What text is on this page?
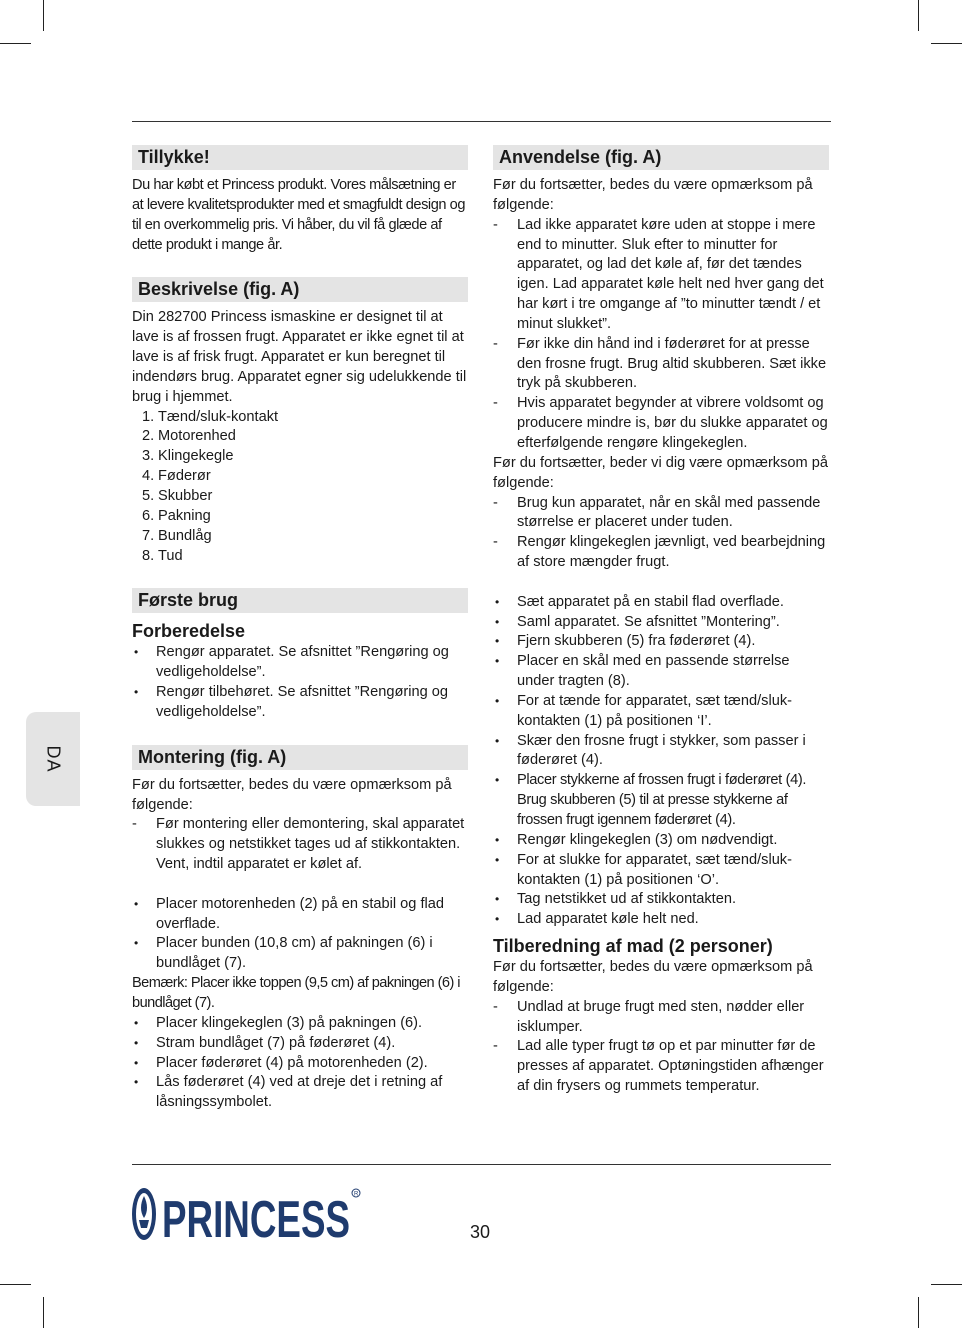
DA
Tillykke!

Du har købt et Princess produkt. Vores målsætning er at levere kvalitetsprodukter med et smagfuldt design og til en overkommelig pris. Vi håber, du vil få glæde af dette produkt i mange år.

Beskrivelse (fig. A)

Din 282700 Princess ismaskine er designet til at lave is af frossen frugt. Apparatet er ikke egnet til at lave is af frisk frugt. Apparatet er kun beregnet til indendørs brug. Apparatet egner sig udelukkende til brug i hjemmet.

1. Tænd/sluk-kontakt
2. Motorenhed
3. Klingekegle
4. Føderør
5. Skubber
6. Pakning
7. Bundlåg
8. Tud
Første brug
Forberedelse
• Rengør apparatet. Se afsnittet ”Rengøring og vedligeholdelse”.
• Rengør tilbehøret. Se afsnittet ”Rengøring og vedligeholdelse”.
Montering (fig. A)

Før du fortsætter, bedes du være opmærksom på følgende:

- Før montering eller demontering, skal apparatet slukkes og netstikket tages ud af stikkontakten. Vent, indtil apparatet er kølet af.
• Placer motorenheden (2) på en stabil og flad overflade.
• Placer bunden (10,8 cm) af pakningen (6) i bundlåget (7).

Bemærk: Placer ikke toppen (9,5 cm) af pakningen (6) i bundlåget (7).

• Placer klingekeglen (3) på pakningen (6).
• Stram bundlåget (7) på føderøret (4).
• Placer føderøret (4) på motorenheden (2).
• Lås føderøret (4) ved at dreje det i retning af låsningssymbolet.
Anvendelse (fig. A)

Før du fortsætter, bedes du være opmærksom på følgende:

- Lad ikke apparatet køre uden at stoppe i mere end to minutter. Sluk efter to minutter for apparatet, og lad det køle af, før det tændes igen. Lad apparatet køle helt ned hver gang det har kørt i tre omgange af ”to minutter tændt / et minut slukket”.
- Før ikke din hånd ind i føderøret for at presse den frosne frugt. Brug altid skubberen. Sæt ikke tryk på skubberen.
- Hvis apparatet begynder at vibrere voldsomt og producere mindre is, bør du slukke apparatet og efterfølgende rengøre klingekeglen.

Før du fortsætter, beder vi dig være opmærksom på følgende:

- Brug kun apparatet, når en skål med passende størrelse er placeret under tuden.
- Rengør klingekeglen jævnligt, ved bearbejdning af store mængder frugt.
• Sæt apparatet på en stabil flad overflade.
• Saml apparatet. Se afsnittet ”Montering”.
• Fjern skubberen (5) fra føderøret (4).
• Placer en skål med en passende størrelse under tragten (8).
• For at tænde for apparatet, sæt tænd/sluk-kontakten (1) på positionen ‘I’.
• Skær den frosne frugt i stykker, som passer i føderøret (4).
• Placer stykkerne af frossen frugt i føderøret (4). Brug skubberen (5) til at presse stykkerne af frossen frugt igennem føderøret (4).
• Rengør klingekeglen (3) om nødvendigt.
• For at slukke for apparatet, sæt tænd/sluk-kontakten (1) på positionen ‘O’.
• Tag netstikket ud af stikkontakten.
• Lad apparatet køle helt ned.
Tilberedning af mad (2 personer)

Før du fortsætter, bedes du være opmærksom på følgende:

- Undlad at bruge frugt med sten, nødder eller isklumper.
- Lad alle typer frugt tø op et par minutter før de presses af apparatet. Optøningstiden afhænger af din frysers og rummets temperatur.
PRINCESS R
30
